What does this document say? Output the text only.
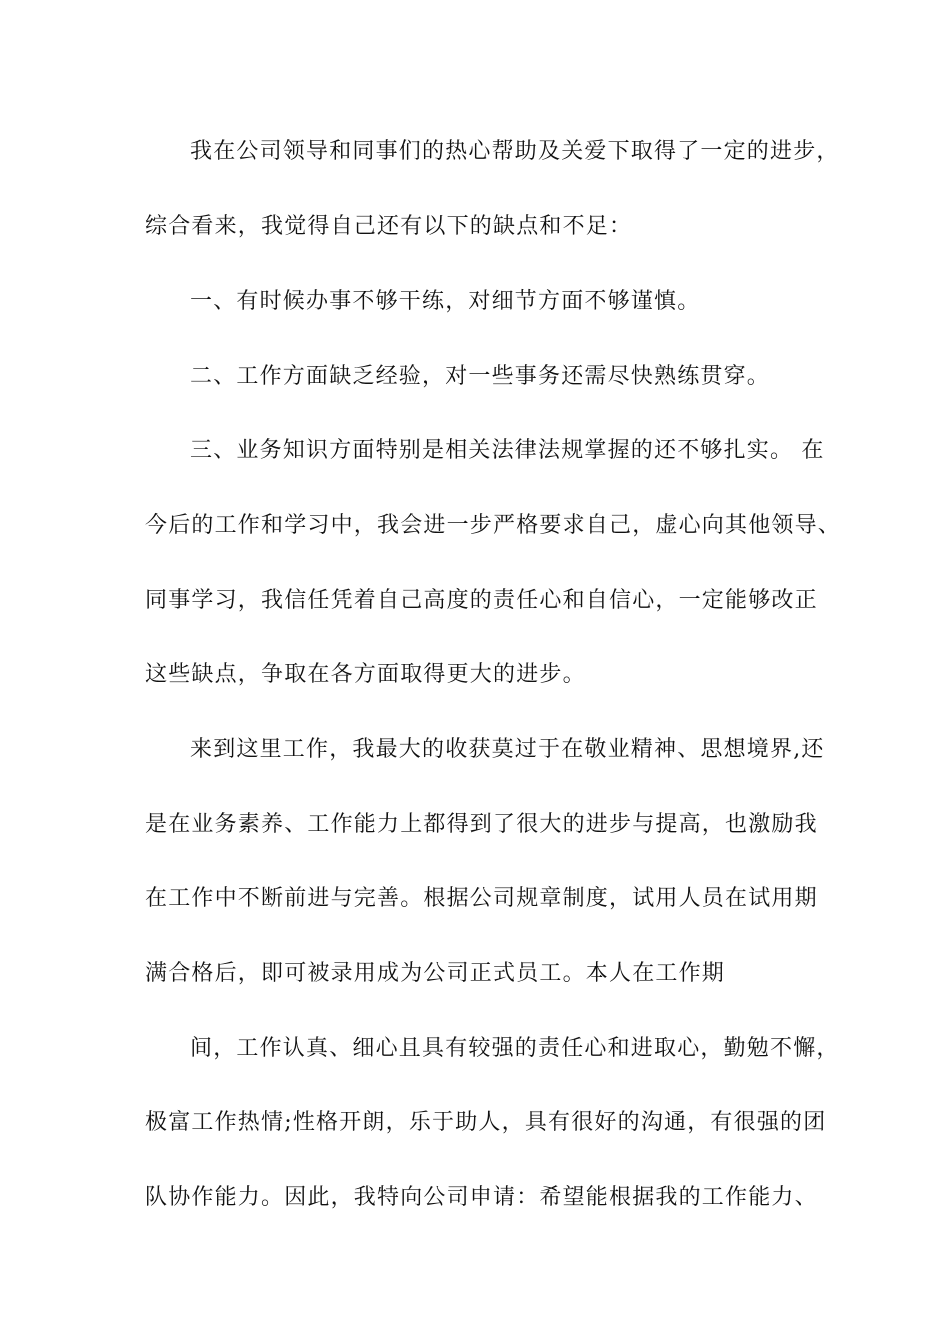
我在公司领导和同事们的热心帮助及关爱下取得了一定的进步，
综合看来，我觉得自己还有以下的缺点和不足：
一、有时候办事不够干练，对细节方面不够谨慎。
二、工作方面缺乏经验，对一些事务还需尽快熟练贯穿。
三、业务知识方面特别是相关法律法规掌握的还不够扎实。 在
今后的工作和学习中，我会进一步严格要求自己，虚心向其他领导、
同事学习，我信任凭着自己高度的责任心和自信心，一定能够改正
这些缺点，争取在各方面取得更大的进步。
来到这里工作，我最大的收获莫过于在敬业精神、思想境界,还
是在业务素养、工作能力上都得到了很大的进步与提高，也激励我
在工作中不断前进与完善。根据公司规章制度，试用人员在试用期
满合格后，即可被录用成为公司正式员工。本人在工作期
间，工作认真、细心且具有较强的责任心和进取心，勤勉不懈，
极富工作热情;性格开朗，乐于助人，具有很好的沟通，有很强的团
队协作能力。因此，我特向公司申请：希望能根据我的工作能力、
